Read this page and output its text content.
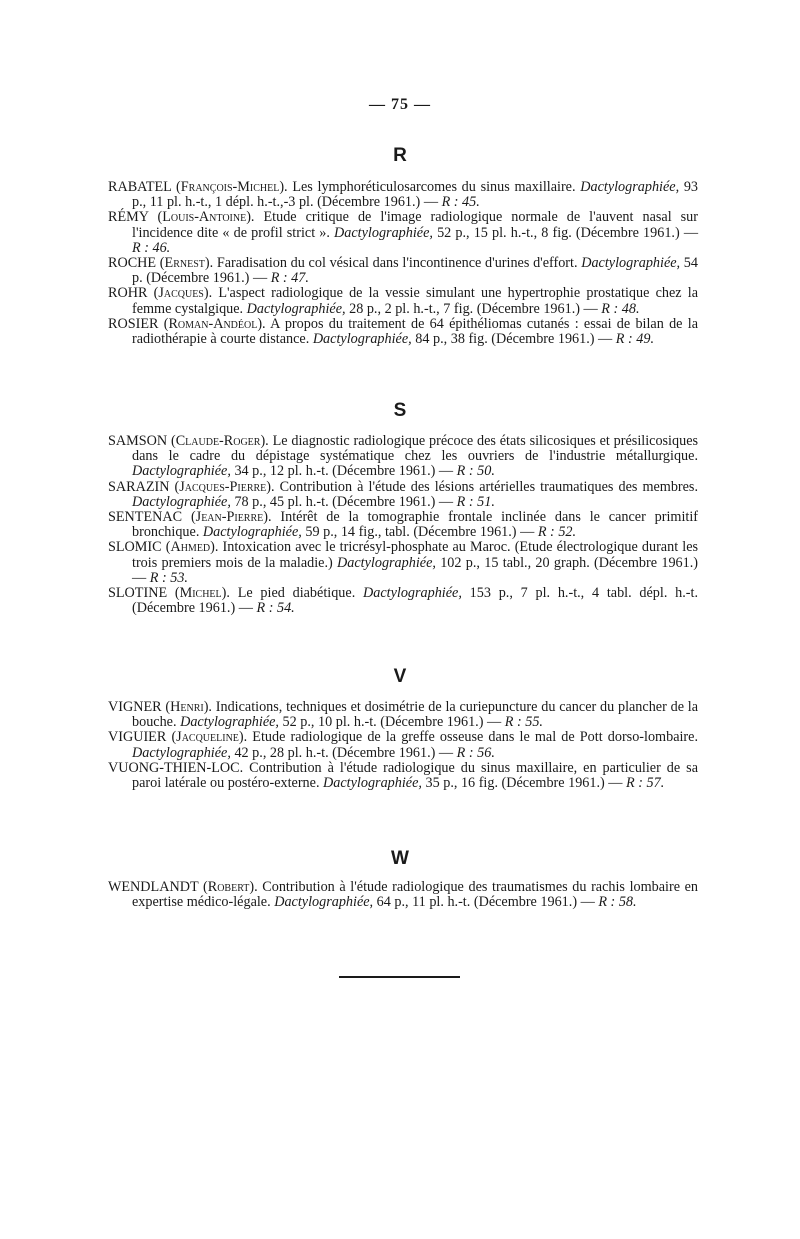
— 75 —
R

RABATEL (François-Michel). Les lymphoréticulosarcomes du sinus maxillaire. Dactylographiée, 93 p., 11 pl. h.-t., 1 dépl. h.-t.,-3 pl. (Décembre 1961.) — R : 45.

RÉMY (Louis-Antoine). Etude critique de l'image radiologique normale de l'auvent nasal sur l'incidence dite « de profil strict ». Dactylographiée, 52 p., 15 pl. h.-t., 8 fig. (Décembre 1961.) — R : 46.

ROCHE (Ernest). Faradisation du col vésical dans l'incontinence d'urines d'effort. Dactylographiée, 54 p. (Décembre 1961.) — R : 47.

ROHR (Jacques). L'aspect radiologique de la vessie simulant une hypertrophie prostatique chez la femme cystalgique. Dactylographiée, 28 p., 2 pl. h.-t., 7 fig. (Décembre 1961.) — R : 48.

ROSIER (Roman-Andéol). A propos du traitement de 64 épithéliomas cutanés : essai de bilan de la radiothérapie à courte distance. Dactylographiée, 84 p., 38 fig. (Décembre 1961.) — R : 49.

S

SAMSON (Claude-Roger). Le diagnostic radiologique précoce des états silicosiques et présilicosiques dans le cadre du dépistage systématique chez les ouvriers de l'industrie métallurgique. Dactylographiée, 34 p., 12 pl. h.-t. (Décembre 1961.) — R : 50.

SARAZIN (Jacques-Pierre). Contribution à l'étude des lésions artérielles traumatiques des membres. Dactylographiée, 78 p., 45 pl. h.-t. (Décembre 1961.) — R : 51.

SENTENAC (Jean-Pierre). Intérêt de la tomographie frontale inclinée dans le cancer primitif bronchique. Dactylographiée, 59 p., 14 fig., tabl. (Décembre 1961.) — R : 52.

SLOMIC (Ahmed). Intoxication avec le tricrésyl-phosphate au Maroc. (Etude électrologique durant les trois premiers mois de la maladie.) Dactylographiée, 102 p., 15 tabl., 20 graph. (Décembre 1961.) — R : 53.

SLOTINE (Michel). Le pied diabétique. Dactylographiée, 153 p., 7 pl. h.-t., 4 tabl. dépl. h.-t. (Décembre 1961.) — R : 54.

V

VIGNER (Henri). Indications, techniques et dosimétrie de la curiepuncture du cancer du plancher de la bouche. Dactylographiée, 52 p., 10 pl. h.-t. (Décembre 1961.) — R : 55.

VIGUIER (Jacqueline). Etude radiologique de la greffe osseuse dans le mal de Pott dorso-lombaire. Dactylographiée, 42 p., 28 pl. h.-t. (Décembre 1961.) — R : 56.

VUONG-THIEN-LOC. Contribution à l'étude radiologique du sinus maxillaire, en particulier de sa paroi latérale ou postéro-externe. Dactylographiée, 35 p., 16 fig. (Décembre 1961.) — R : 57.

W

WENDLANDT (Robert). Contribution à l'étude radiologique des traumatismes du rachis lombaire en expertise médico-légale. Dactylographiée, 64 p., 11 pl. h.-t. (Décembre 1961.) — R : 58.
